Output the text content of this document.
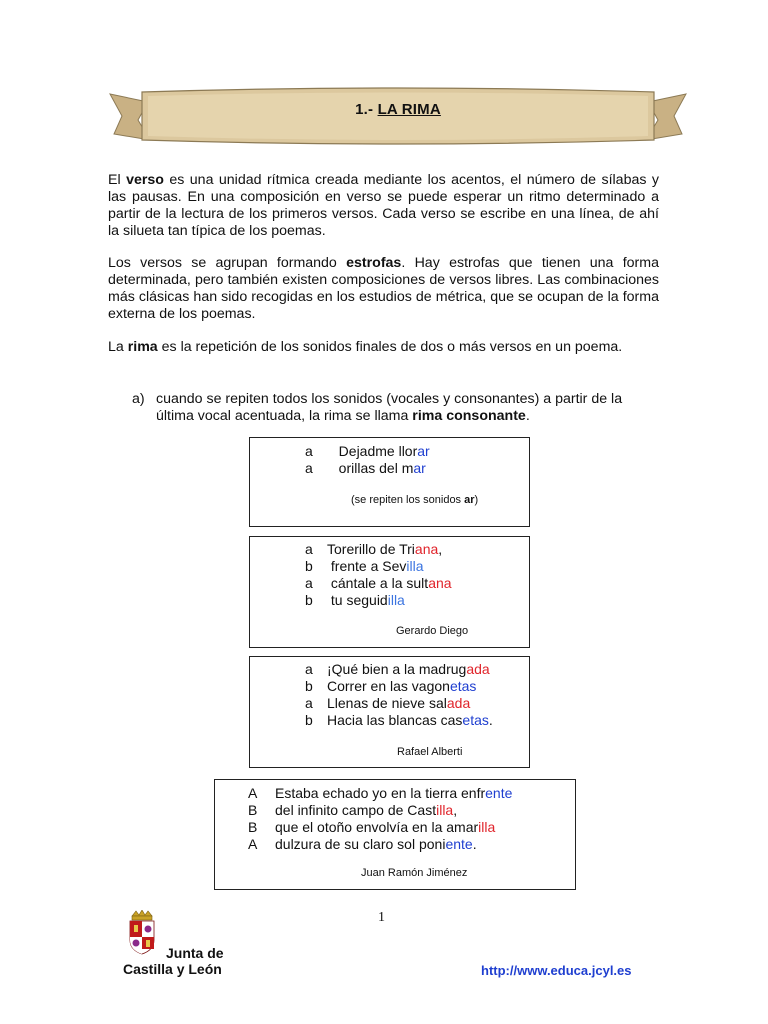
1.- LA RIMA

El verso es una unidad rítmica creada mediante los acentos, el número de sílabas y las pausas. En una composición en verso se puede esperar un ritmo determinado a partir de la lectura de los primeros versos. Cada verso se escribe en una línea, de ahí la silueta tan típica de los poemas.

Los versos se agrupan formando estrofas. Hay estrofas que tienen una forma determinada, pero también existen composiciones de versos libres. Las combinaciones más clásicas han sido recogidas en los estudios de métrica, que se ocupan de la forma externa de los poemas.

La rima es la repetición de los sonidos finales de dos o más versos en un poema.

a) cuando se repiten todos los sonidos (vocales y consonantes) a partir de la última vocal acentuada, la rima se llama rima consonante.
a Dejadme llorar
a orillas del mar
(se repiten los sonidos ar)
a Torerillo de Triana,
b frente a Sevilla
a cántale a la sultana
b tu seguidilla
Gerardo Diego
a ¡Qué bien a la madrugada
b Correr en las vagonetas
a Llenas de nieve salada
b Hacia las blancas casetas.
Rafael Alberti
A Estaba echado yo en la tierra enfrente
B del infinito campo de Castilla,
B que el otoño envolvía en la amarilla
A dulzura de su claro sol poniente.
Juan Ramón Jiménez
1
Junta de
Castilla y León	http://www.educa.jcyl.es
